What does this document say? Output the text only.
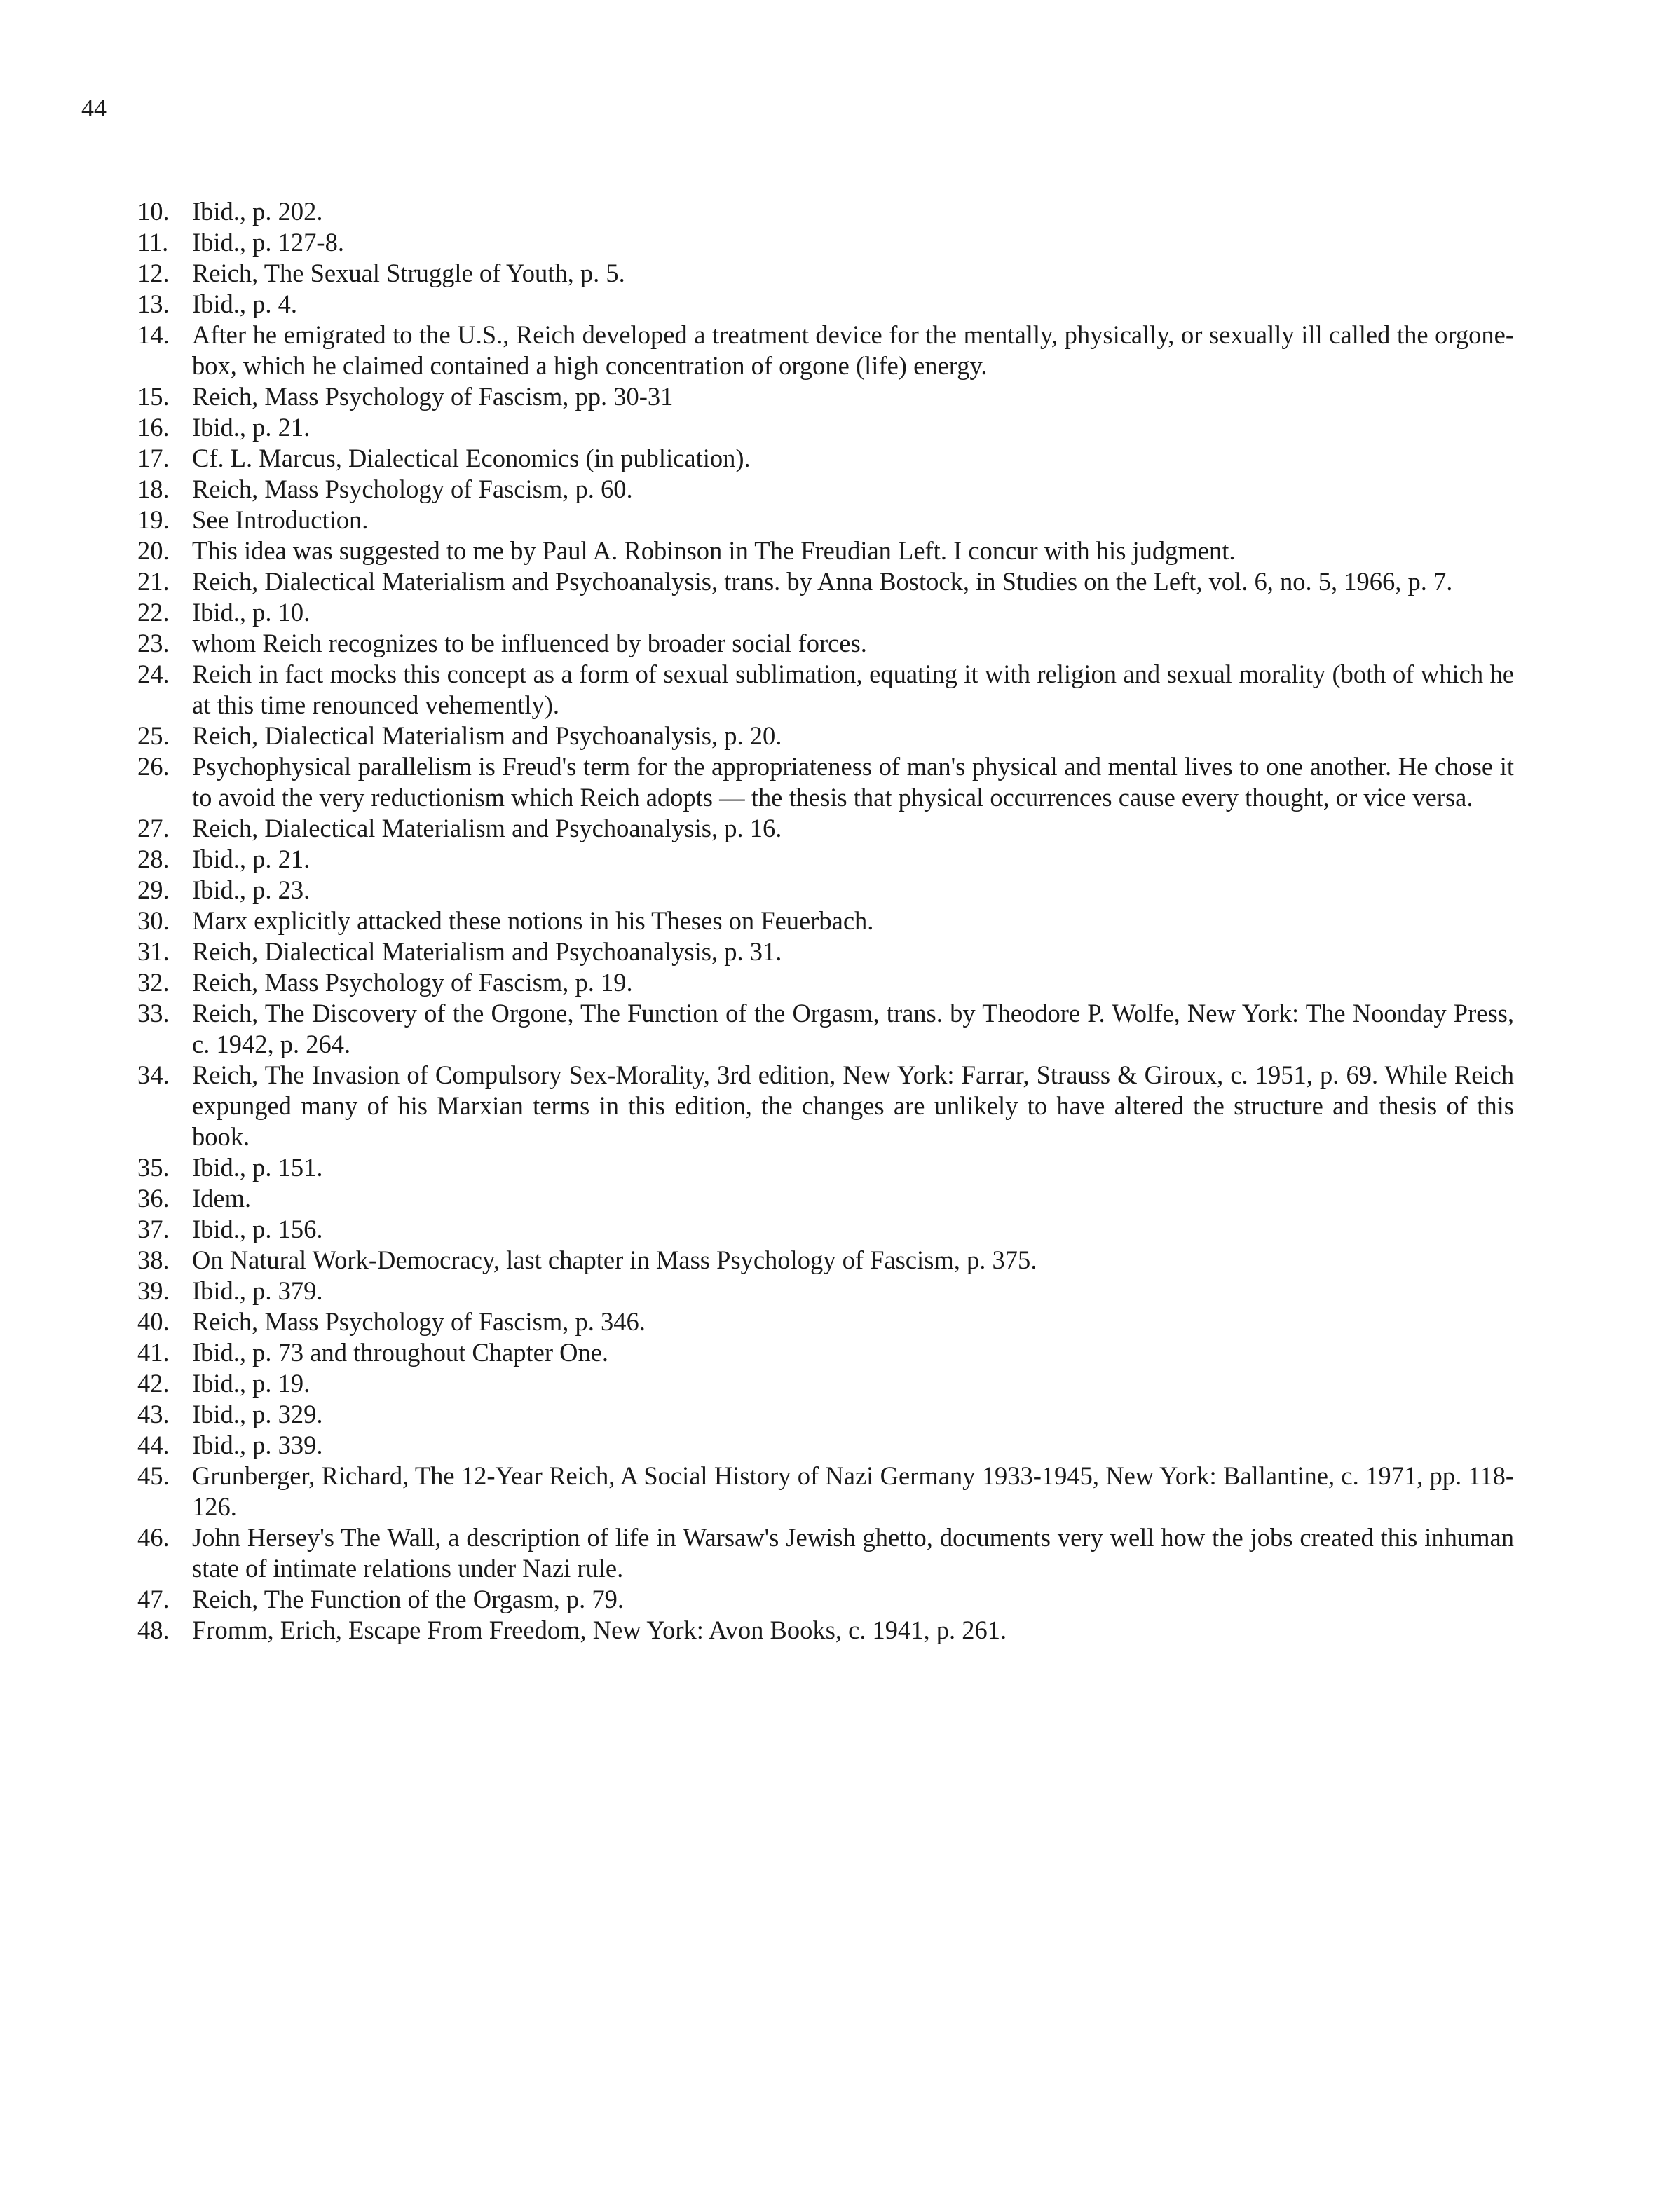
44
10. Ibid., p. 202.
11. Ibid., p. 127-8.
12. Reich, The Sexual Struggle of Youth, p. 5.
13. Ibid., p. 4.
14. After he emigrated to the U.S., Reich developed a treatment device for the mentally, physically, or sexually ill called the orgone-box, which he claimed contained a high concentration of orgone (life) energy.
15. Reich, Mass Psychology of Fascism, pp. 30-31
16. Ibid., p. 21.
17. Cf. L. Marcus, Dialectical Economics (in publication).
18. Reich, Mass Psychology of Fascism, p. 60.
19. See Introduction.
20. This idea was suggested to me by Paul A. Robinson in The Freudian Left. I concur with his judgment.
21. Reich, Dialectical Materialism and Psychoanalysis, trans. by Anna Bostock, in Studies on the Left, vol. 6, no. 5, 1966, p. 7.
22. Ibid., p. 10.
23. whom Reich recognizes to be influenced by broader social forces.
24. Reich in fact mocks this concept as a form of sexual sublimation, equating it with religion and sexual morality (both of which he at this time renounced vehemently).
25. Reich, Dialectical Materialism and Psychoanalysis, p. 20.
26. Psychophysical parallelism is Freud's term for the appropriateness of man's physical and mental lives to one another. He chose it to avoid the very reductionism which Reich adopts — the thesis that physical occurrences cause every thought, or vice versa.
27. Reich, Dialectical Materialism and Psychoanalysis, p. 16.
28. Ibid., p. 21.
29. Ibid., p. 23.
30. Marx explicitly attacked these notions in his Theses on Feuerbach.
31. Reich, Dialectical Materialism and Psychoanalysis, p. 31.
32. Reich, Mass Psychology of Fascism, p. 19.
33. Reich, The Discovery of the Orgone, The Function of the Orgasm, trans. by Theodore P. Wolfe, New York: The Noonday Press, c. 1942, p. 264.
34. Reich, The Invasion of Compulsory Sex-Morality, 3rd edition, New York: Farrar, Strauss & Giroux, c. 1951, p. 69. While Reich expunged many of his Marxian terms in this edition, the changes are unlikely to have altered the structure and thesis of this book.
35. Ibid., p. 151.
36. Idem.
37. Ibid., p. 156.
38. On Natural Work-Democracy, last chapter in Mass Psychology of Fascism, p. 375.
39. Ibid., p. 379.
40. Reich, Mass Psychology of Fascism, p. 346.
41. Ibid., p. 73 and throughout Chapter One.
42. Ibid., p. 19.
43. Ibid., p. 329.
44. Ibid., p. 339.
45. Grunberger, Richard, The 12-Year Reich, A Social History of Nazi Germany 1933-1945, New York: Ballantine, c. 1971, pp. 118-126.
46. John Hersey's The Wall, a description of life in Warsaw's Jewish ghetto, documents very well how the jobs created this inhuman state of intimate relations under Nazi rule.
47. Reich, The Function of the Orgasm, p. 79.
48. Fromm, Erich, Escape From Freedom, New York: Avon Books, c. 1941, p. 261.
